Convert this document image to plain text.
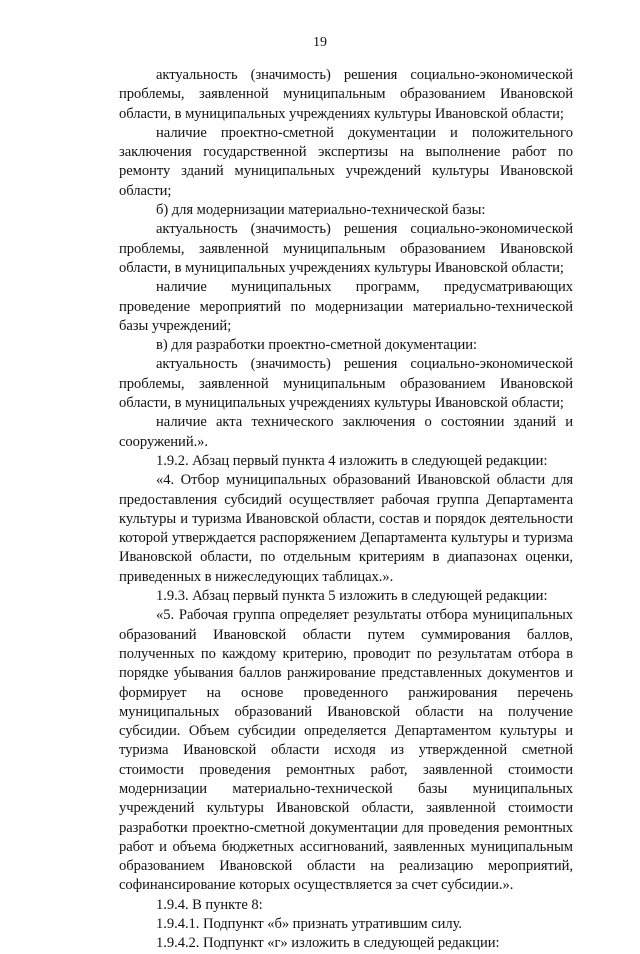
19

актуальность (значимость) решения социально-экономической проблемы, заявленной муниципальным образованием Ивановской области, в муниципальных учреждениях культуры Ивановской области;

наличие проектно-сметной документации и положительного заключения государственной экспертизы на выполнение работ по ремонту зданий муниципальных учреждений культуры Ивановской области;

б) для модернизации материально-технической базы:

актуальность (значимость) решения социально-экономической проблемы, заявленной муниципальным образованием Ивановской области, в муниципальных учреждениях культуры Ивановской области;

наличие муниципальных программ, предусматривающих проведение мероприятий по модернизации материально-технической базы учреждений;

в) для разработки проектно-сметной документации:

актуальность (значимость) решения социально-экономической проблемы, заявленной муниципальным образованием Ивановской области, в муниципальных учреждениях культуры Ивановской области;

наличие акта технического заключения о состоянии зданий и сооружений.».

1.9.2. Абзац первый пункта 4 изложить в следующей редакции:

«4. Отбор муниципальных образований Ивановской области для предоставления субсидий осуществляет рабочая группа Департамента культуры и туризма Ивановской области, состав и порядок деятельности которой утверждается распоряжением Департамента культуры и туризма Ивановской области, по отдельным критериям в диапазонах оценки, приведенных в нижеследующих таблицах.».

1.9.3. Абзац первый пункта 5 изложить в следующей редакции:

«5. Рабочая группа определяет результаты отбора муниципальных образований Ивановской области путем суммирования баллов, полученных по каждому критерию, проводит по результатам отбора в порядке убывания баллов ранжирование представленных документов и формирует на основе проведенного ранжирования перечень муниципальных образований Ивановской области на получение субсидии. Объем субсидии определяется Департаментом культуры и туризма Ивановской области исходя из утвержденной сметной стоимости проведения ремонтных работ, заявленной стоимости модернизации материально-технической базы муниципальных учреждений культуры Ивановской области, заявленной стоимости разработки проектно-сметной документации для проведения ремонтных работ и объема бюджетных ассигнований, заявленных муниципальным образованием Ивановской области на реализацию мероприятий, софинансирование которых осуществляется за счет субсидии.».

1.9.4. В пункте 8:

1.9.4.1. Подпункт «б» признать утратившим силу.

1.9.4.2. Подпункт «г» изложить в следующей редакции:
